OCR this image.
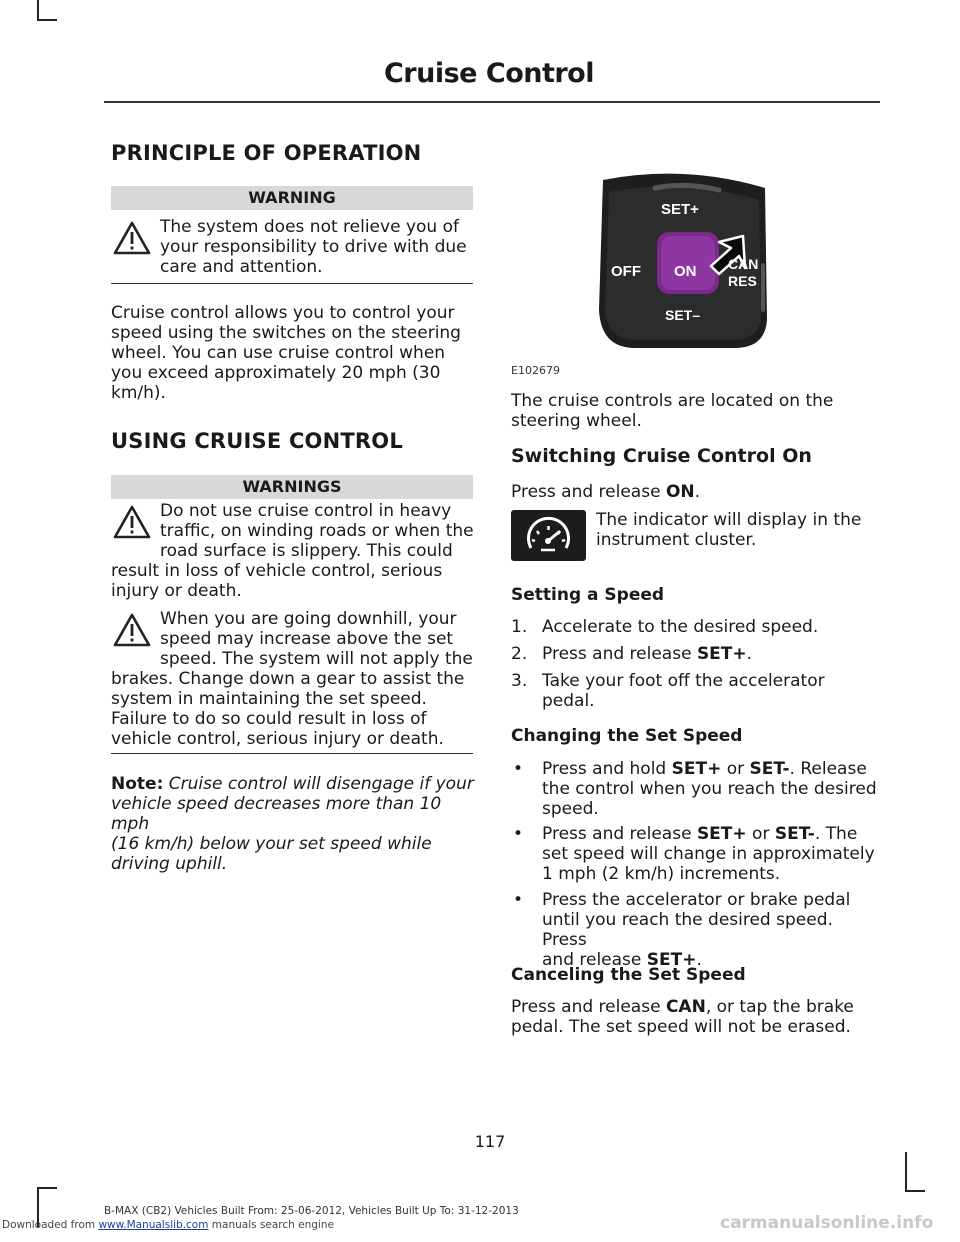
Cruise Control
PRINCIPLE OF OPERATION
WARNING
The system does not relieve you of
your responsibility to drive with due
care and attention.
Cruise control allows you to control your
speed using the switches on the steering
wheel. You can use cruise control when
you exceed approximately 20 mph (30
km/h).
USING CRUISE CONTROL
WARNINGS
Do not use cruise control in heavy
traffic, on winding roads or when the
road surface is slippery. This could
result in loss of vehicle control, serious
injury or death.
When you are going downhill, your
speed may increase above the set
speed. The system will not apply the
brakes. Change down a gear to assist the
system in maintaining the set speed.
Failure to do so could result in loss of
vehicle control, serious injury or death.
Note: Cruise control will disengage if your
vehicle speed decreases more than 10 mph
(16 km/h) below your set speed while
driving uphill.
SET+
OFF ON CAN
RES
SET–
E102679
The cruise controls are located on the
steering wheel.
Switching Cruise Control On
Press and release ON.
The indicator will display in the
instrument cluster.
Setting a Speed
1. Accelerate to the desired speed.
2. Press and release SET+.
3. Take your foot off the accelerator
pedal.
Changing the Set Speed
• Press and hold SET+ or SET-. Release
the control when you reach the desired
speed.
• Press and release SET+ or SET-. The
set speed will change in approximately
1 mph (2 km/h) increments.
• Press the accelerator or brake pedal
until you reach the desired speed. Press
and release SET+.
Canceling the Set Speed
Press and release CAN, or tap the brake
pedal. The set speed will not be erased.
117
B-MAX (CB2) Vehicles Built From: 25-06-2012, Vehicles Built Up To: 31-12-2013
Downloaded from www.Manualslib.com manuals search engine	carmanualsonline.info
